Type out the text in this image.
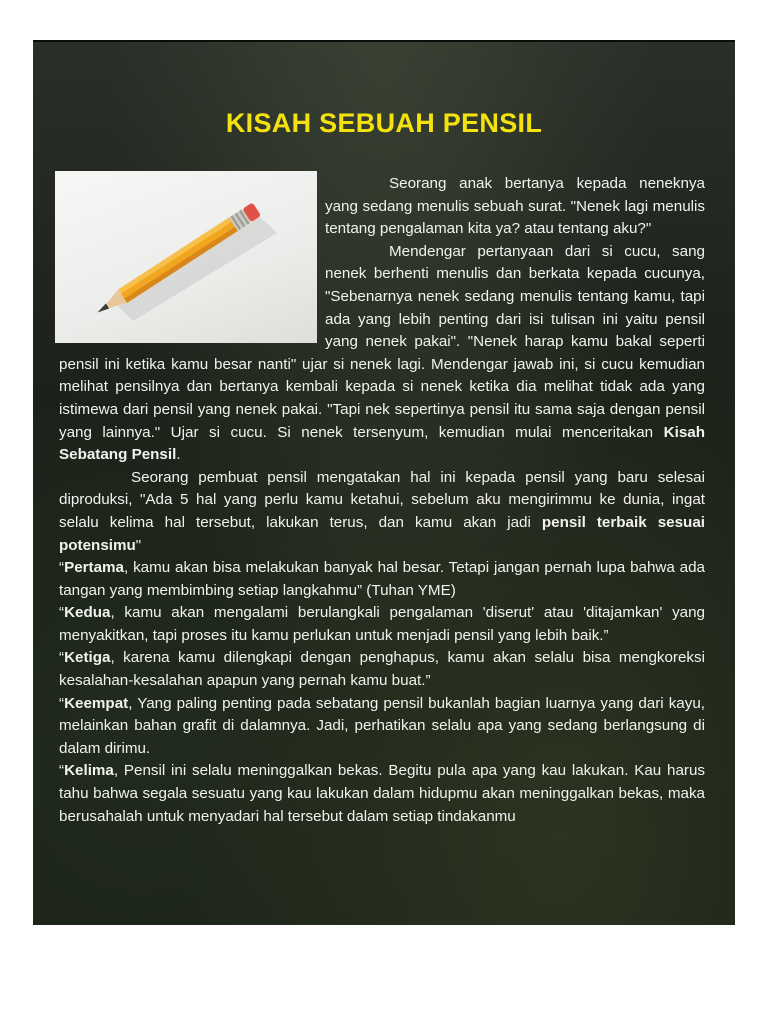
KISAH SEBUAH PENSIL

Seorang anak bertanya kepada neneknya yang sedang menulis sebuah surat. "Nenek lagi menulis tentang pengalaman kita ya? atau tentang aku?"

Mendengar pertanyaan dari si cucu, sang nenek berhenti menulis dan berkata kepada cucunya, "Sebenarnya nenek sedang menulis tentang kamu, tapi ada yang lebih penting dari isi tulisan ini yaitu pensil yang nenek pakai". "Nenek harap kamu bakal seperti pensil ini ketika kamu besar nanti" ujar si nenek lagi. Mendengar jawab ini, si cucu kemudian melihat pensilnya dan bertanya kembali kepada si nenek ketika dia melihat tidak ada yang istimewa dari pensil yang nenek pakai. "Tapi nek sepertinya pensil itu sama saja dengan pensil yang lainnya." Ujar si cucu. Si nenek tersenyum, kemudian mulai menceritakan Kisah Sebatang Pensil.

Seorang pembuat pensil mengatakan hal ini kepada pensil yang baru selesai diproduksi, "Ada 5 hal yang perlu kamu ketahui, sebelum aku mengirimmu ke dunia, ingat selalu kelima hal tersebut, lakukan terus, dan kamu akan jadi pensil terbaik sesuai potensimu"

“Pertama, kamu akan bisa melakukan banyak hal besar. Tetapi jangan pernah lupa bahwa ada tangan yang membimbing setiap langkahmu” (Tuhan YME)

“Kedua, kamu akan mengalami berulangkali pengalaman 'diserut' atau 'ditajamkan' yang menyakitkan, tapi proses itu kamu perlukan untuk menjadi pensil yang lebih baik.”

“Ketiga, karena kamu dilengkapi dengan penghapus, kamu akan selalu bisa mengkoreksi kesalahan-kesalahan apapun yang pernah kamu buat.”

“Keempat, Yang paling penting pada sebatang pensil bukanlah bagian luarnya yang dari kayu, melainkan bahan grafit di dalamnya. Jadi, perhatikan selalu apa yang sedang berlangsung di dalam dirimu.

“Kelima, Pensil ini selalu meninggalkan bekas. Begitu pula apa yang kau lakukan. Kau harus tahu bahwa segala sesuatu yang kau lakukan dalam hidupmu akan meninggalkan bekas, maka berusahalah untuk menyadari hal tersebut dalam setiap tindakanmu
